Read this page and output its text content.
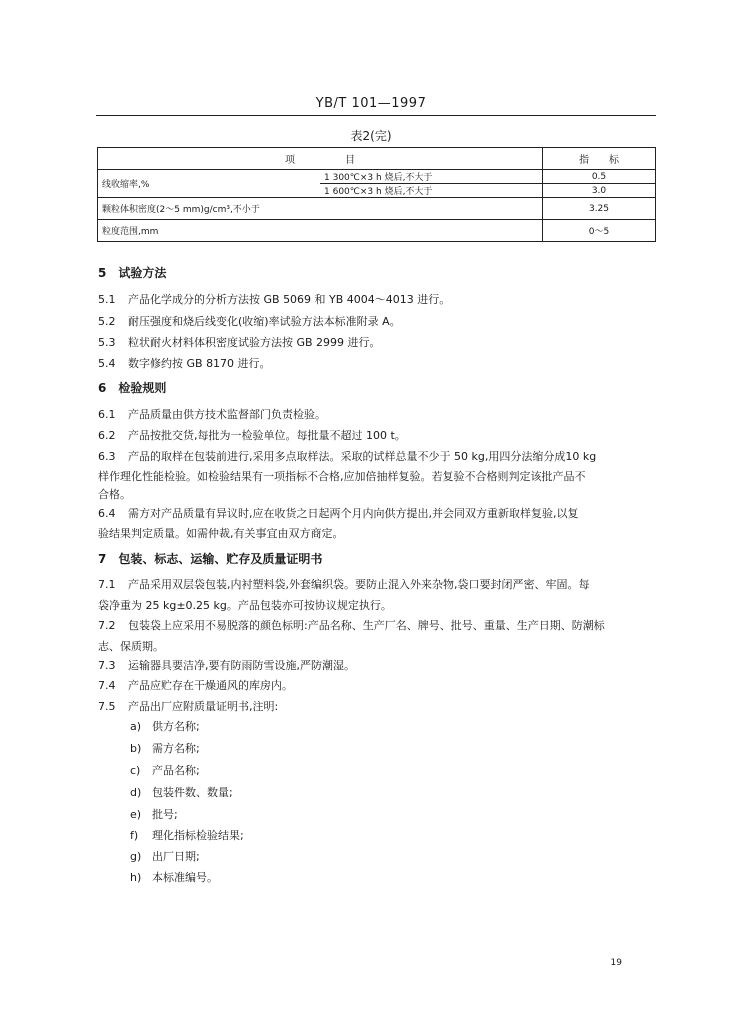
YB/T 101—1997
表2(完)
项　　　　　目		指　　标
线收缩率,%	1 300℃×3 h 烧后,不大于	0.5
	1 600℃×3 h 烧后,不大于	3.0
颗粒体积密度(2～5 mm)g/cm³,不小于		3.25
粒度范围,mm		0～5
5　试验方法
5.1 产品化学成分的分析方法按 GB 5069 和 YB 4004～4013 进行。
5.2 耐压强度和烧后线变化(收缩)率试验方法本标准附录 A。
5.3 粒状耐火材料体积密度试验方法按 GB 2999 进行。
5.4 数字修约按 GB 8170 进行。
6　检验规则
6.1 产品质量由供方技术监督部门负责检验。
6.2 产品按批交货,每批为一检验单位。每批量不超过 100 t。
6.3 产品的取样在包装前进行,采用多点取样法。采取的试样总量不少于 50 kg,用四分法缩分成10 kg
样作理化性能检验。如检验结果有一项指标不合格,应加倍抽样复验。若复验不合格则判定该批产品不
合格。
6.4 需方对产品质量有异议时,应在收货之日起两个月内向供方提出,并会同双方重新取样复验,以复
验结果判定质量。如需仲裁,有关事宜由双方商定。
7　包装、标志、运输、贮存及质量证明书
7.1 产品采用双层袋包装,内衬塑料袋,外套编织袋。要防止混入外来杂物,袋口要封闭严密、牢固。每
袋净重为 25 kg±0.25 kg。产品包装亦可按协议规定执行。
7.2 包装袋上应采用不易脱落的颜色标明:产品名称、生产厂名、牌号、批号、重量、生产日期、防潮标
志、保质期。
7.3 运输器具要洁净,要有防雨防雪设施,严防潮湿。
7.4 产品应贮存在干燥通风的库房内。
7.5 产品出厂应附质量证明书,注明:
a) 供方名称;
b) 需方名称;
c) 产品名称;
d) 包装件数、数量;
e) 批号;
f) 理化指标检验结果;
g) 出厂日期;
h) 本标准编号。
19
